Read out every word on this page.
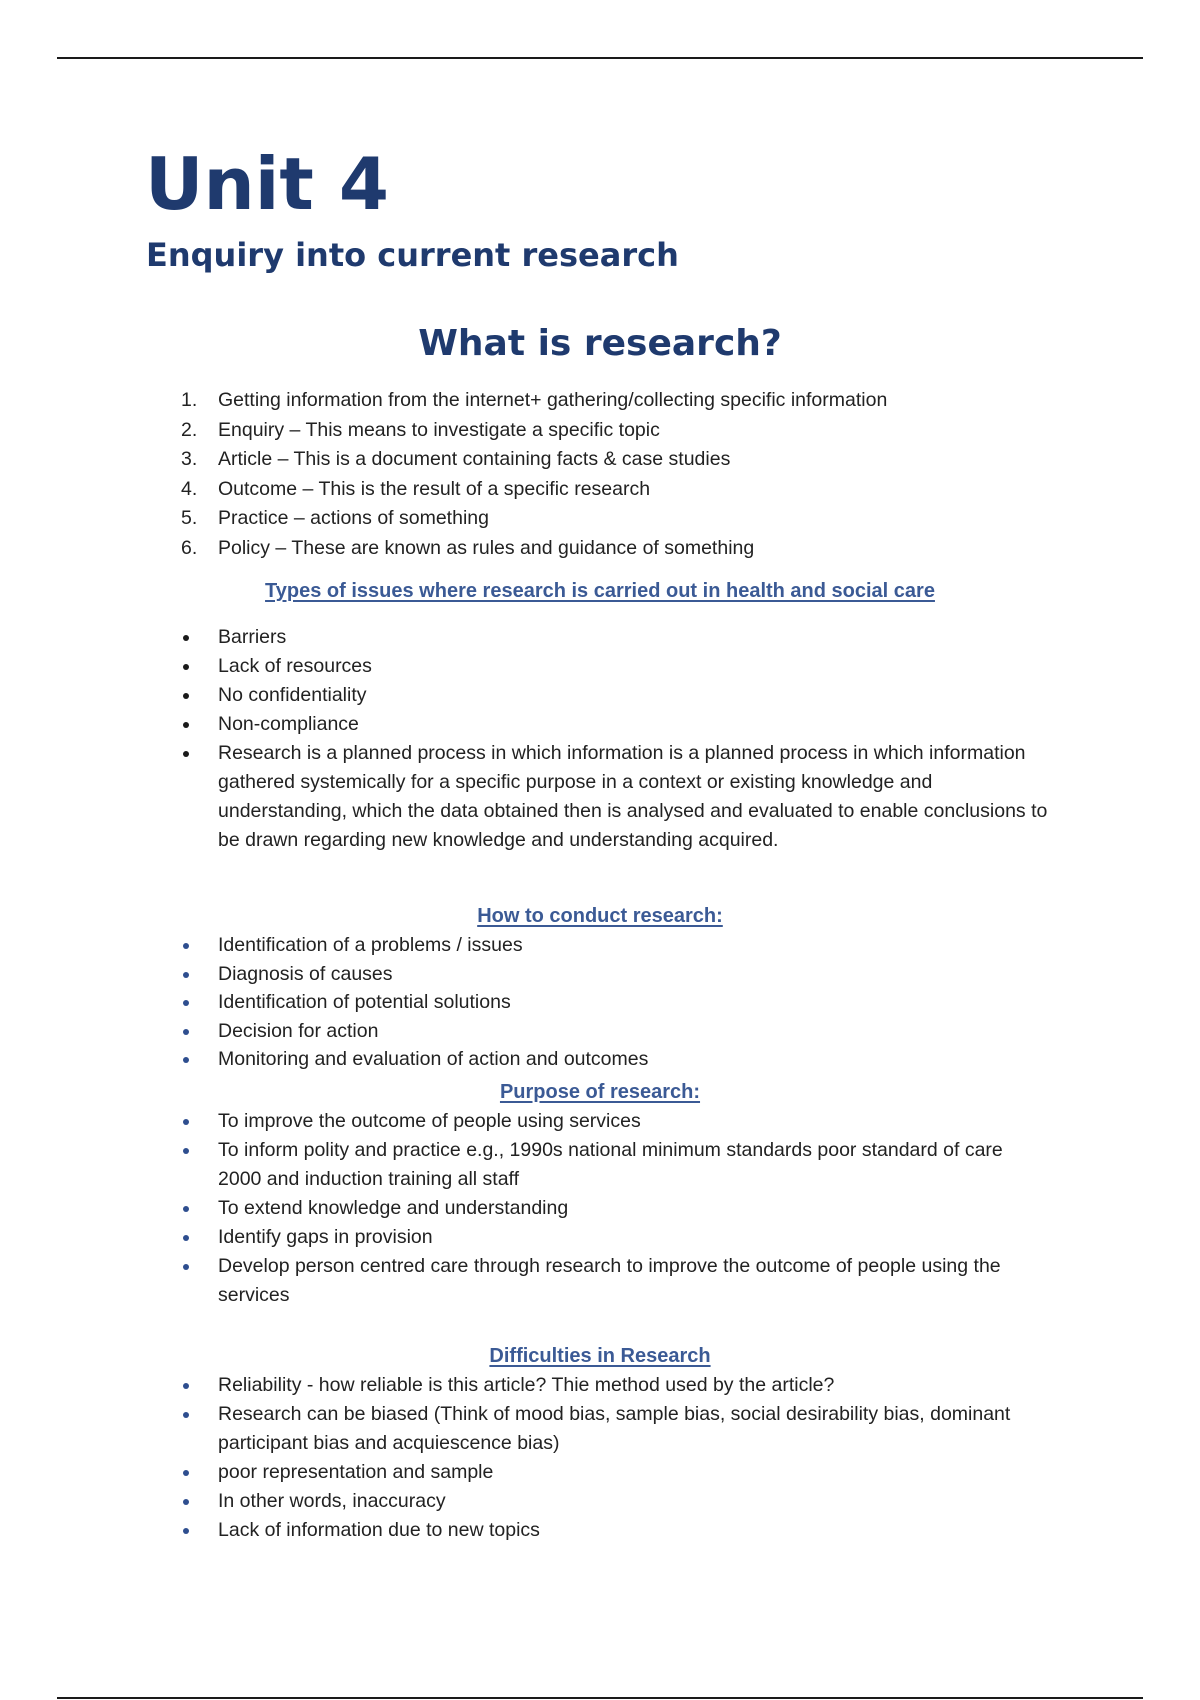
Unit 4
Enquiry into current research
What is research?
1. Getting information from the internet+ gathering/collecting specific information
2. Enquiry – This means to investigate a specific topic
3. Article – This is a document containing facts & case studies
4. Outcome – This is the result of a specific research
5. Practice – actions of something
6. Policy – These are known as rules and guidance of something
Types of issues where research is carried out in health and social care
Barriers
Lack of resources
No confidentiality
Non-compliance
Research is a planned process in which information is a planned process in which information gathered systemically for a specific purpose in a context or existing knowledge and understanding, which the data obtained then is analysed and evaluated to enable conclusions to be drawn regarding new knowledge and understanding acquired.
How to conduct research:
Identification of a problems / issues
Diagnosis of causes
Identification of potential solutions
Decision for action
Monitoring and evaluation of action and outcomes
Purpose of research:
To improve the outcome of people using services
To inform polity and practice e.g., 1990s national minimum standards poor standard of care 2000 and induction training all staff
To extend knowledge and understanding
Identify gaps in provision
Develop person centred care through research to improve the outcome of people using the services
Difficulties in Research
Reliability - how reliable is this article? Thie method used by the article?
Research can be biased (Think of mood bias, sample bias, social desirability bias, dominant participant bias and acquiescence bias)
poor representation and sample
In other words, inaccuracy
Lack of information due to new topics
